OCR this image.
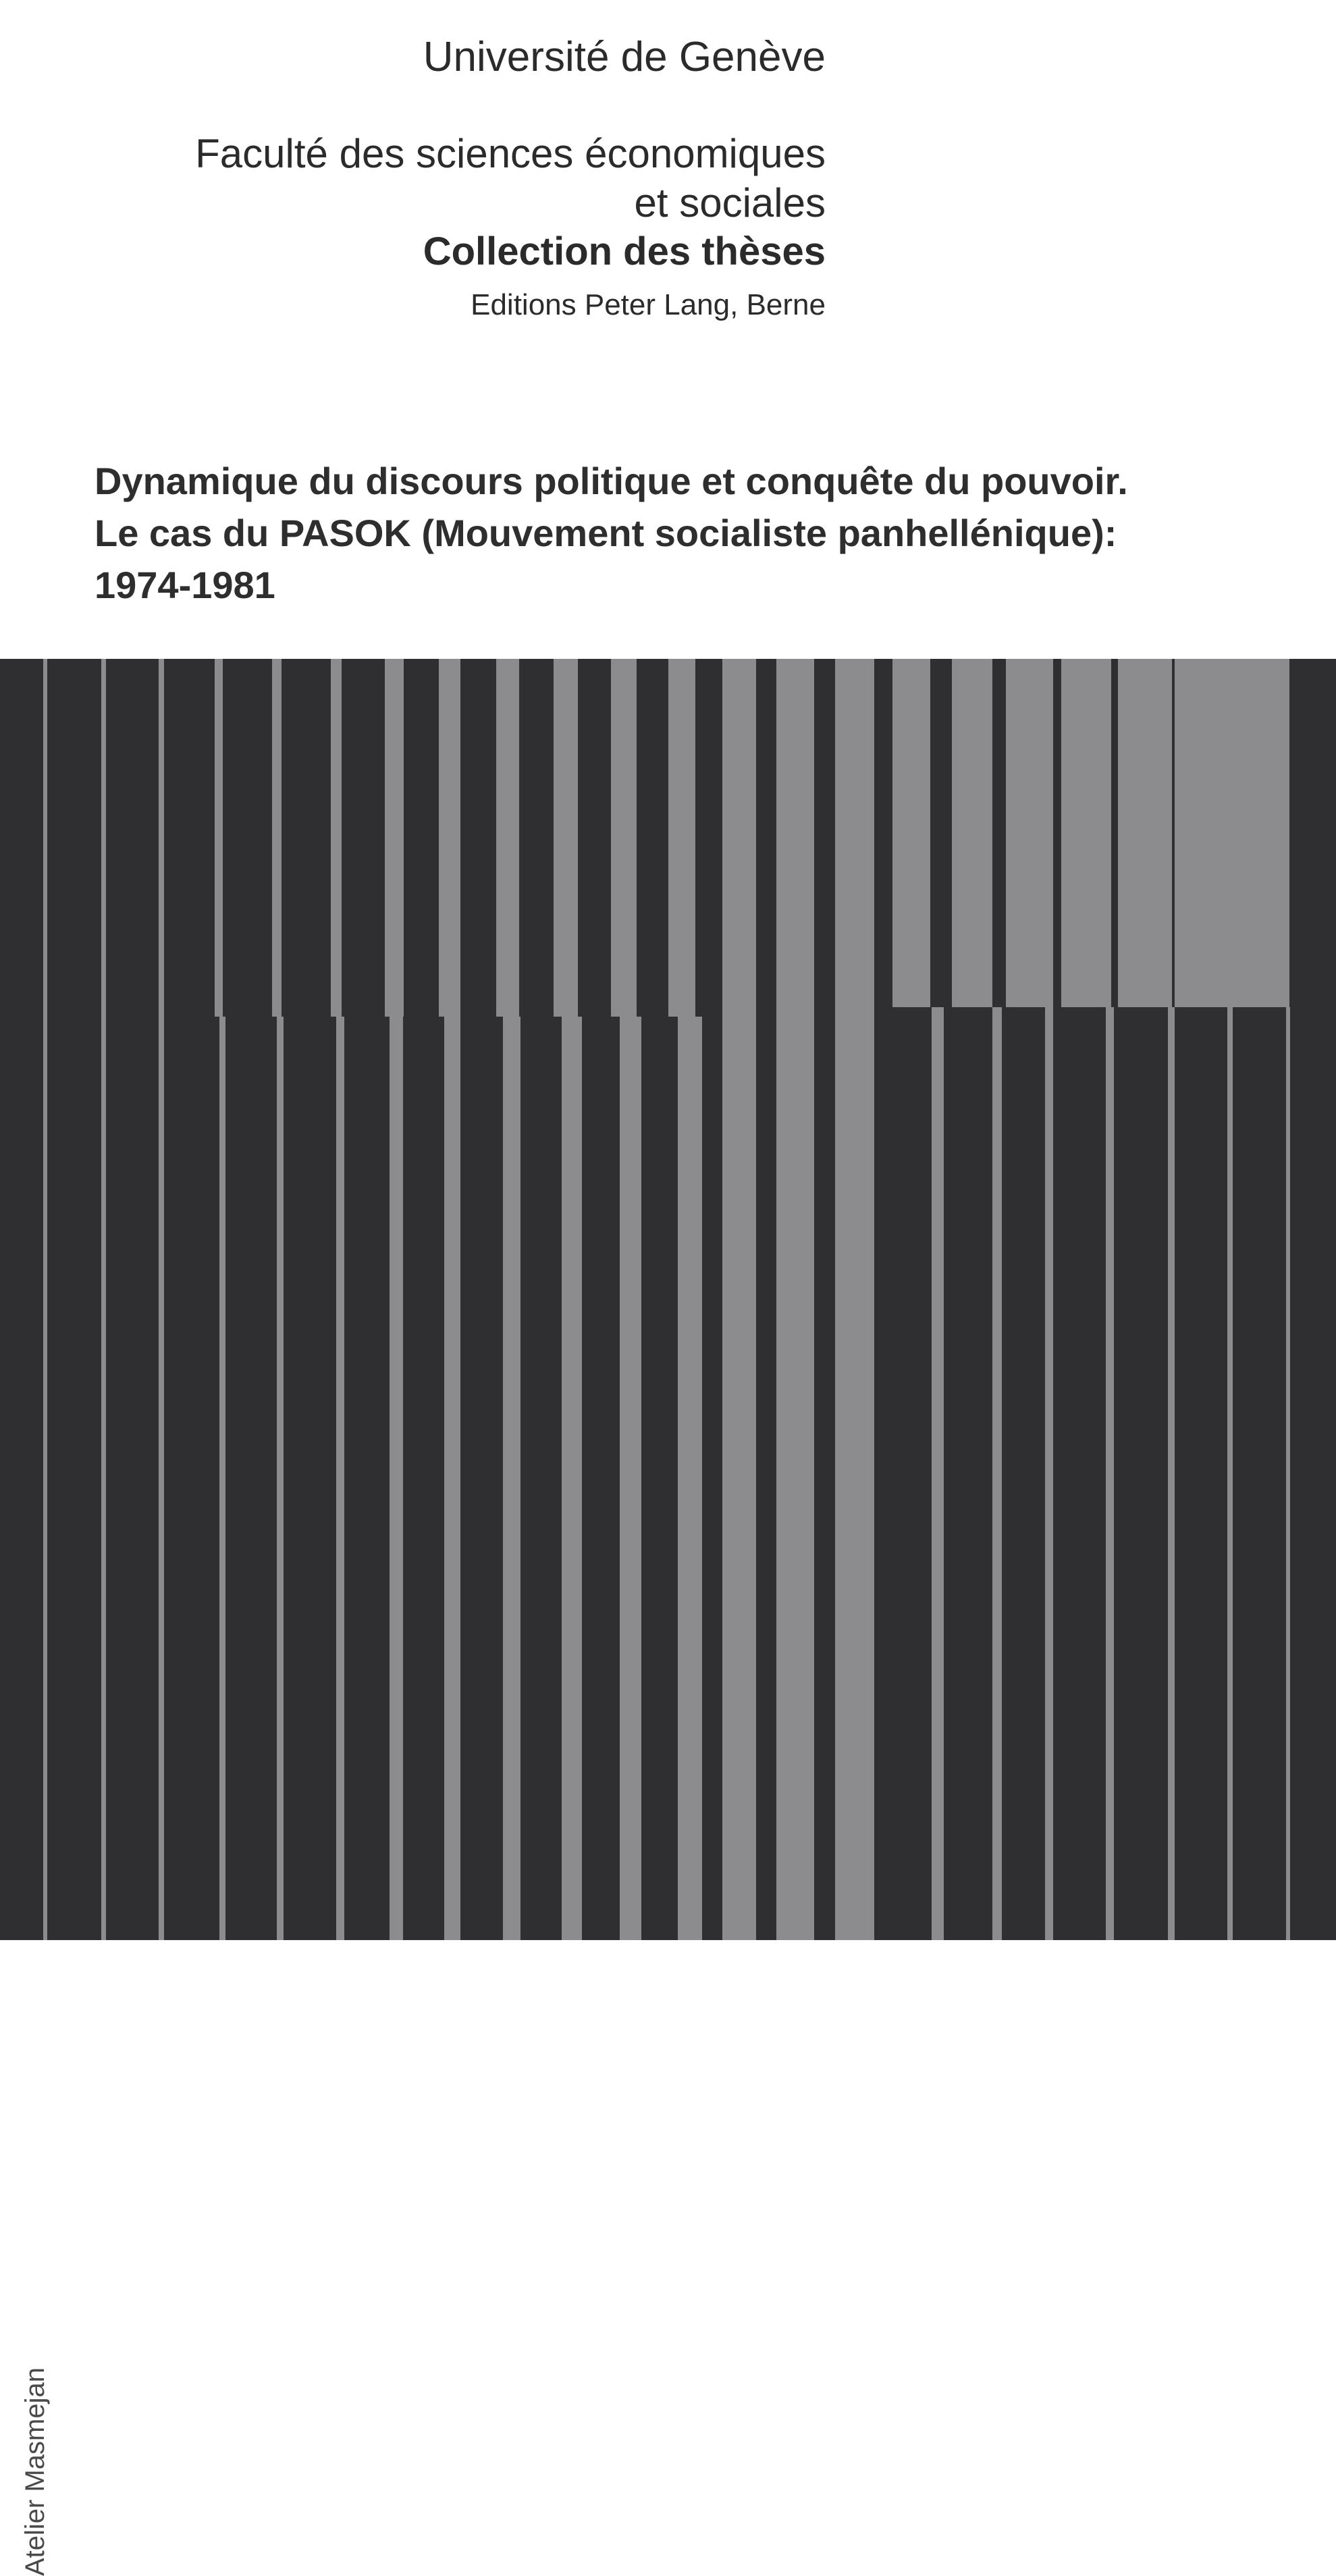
Université de Genève
Faculté des sciences économiques
et sociales
Collection des thèses
Editions Peter Lang, Berne
Dynamique du discours politique et conquête du pouvoir.
Le cas du PASOK (Mouvement socialiste panhellénique):
1974-1981
Atelier Masmejan
